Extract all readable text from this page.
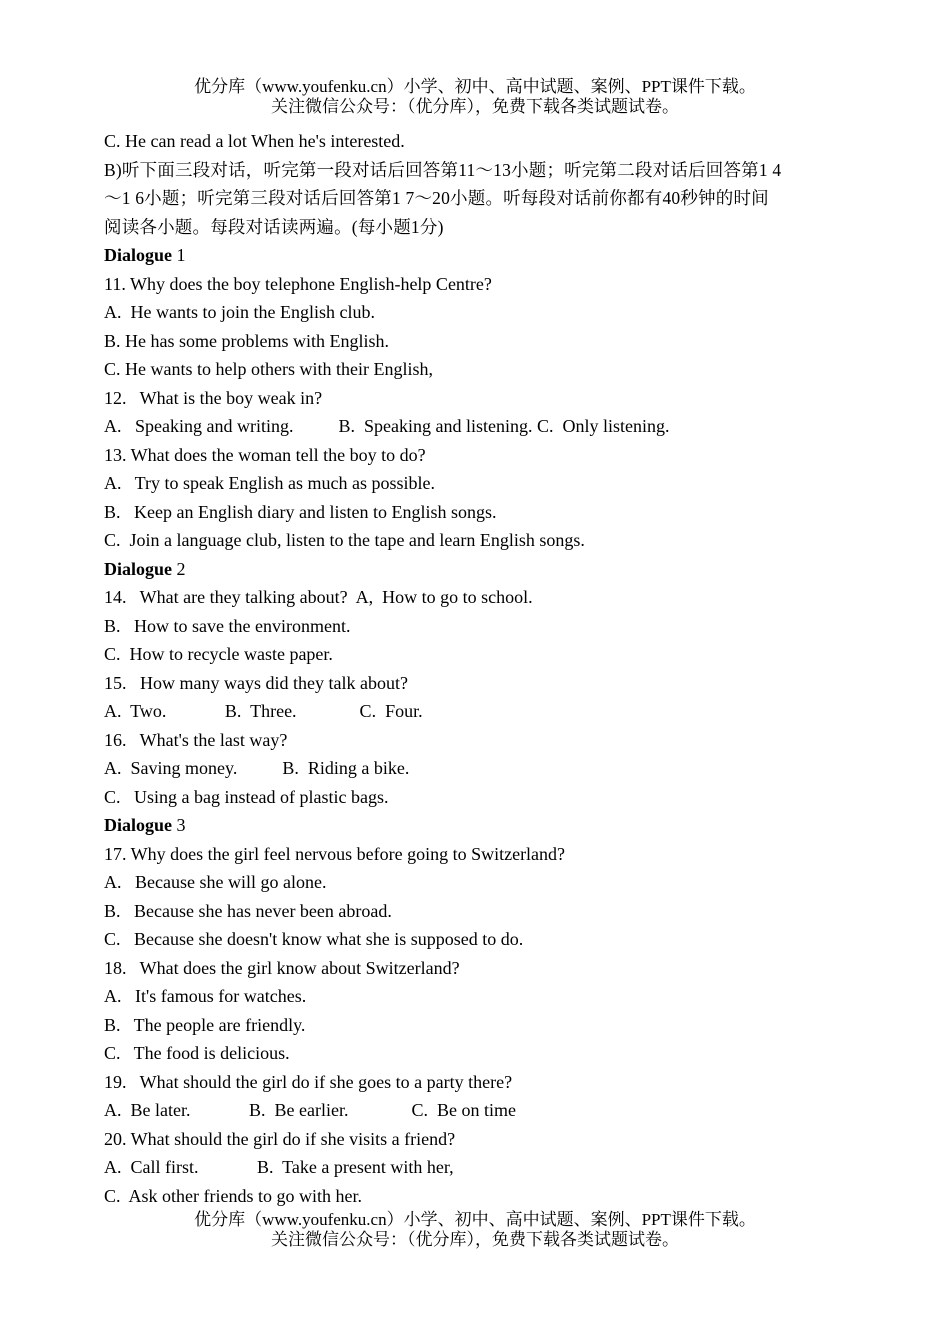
优分库（www.youfenku.cn）小学、初中、高中试题、案例、PPT课件下载。
关注微信公众号：（优分库），免费下载各类试题试卷。
C. He can read a lot When he's interested.
B)听下面三段对话，听完第一段对话后回答第11～13小题；听完第二段对话后回答第1 4
～1 6小题；听完第三段对话后回答第1 7～20小题。听每段对话前你都有40秒钟的时间
阅读各小题。每段对话读两遍。(每小题1分)
Dialogue 1
11. Why does the boy telephone English-help Centre?
A.  He wants to join the English club.
B. He has some problems with English.
C. He wants to help others with their English,
12.   What is the boy weak in?
A.   Speaking and writing.          B.  Speaking and listening. C.  Only listening.
13. What does the woman tell the boy to do?
A.   Try to speak English as much as possible.
B.   Keep an English diary and listen to English songs.
C.  Join a language club, listen to the tape and learn English songs.
Dialogue 2
14.   What are they talking about?  A,  How to go to school.
B.   How to save the environment.
C.  How to recycle waste paper.
15.   How many ways did they talk about?
A.  Two.             B.  Three.              C.  Four.
16.   What's the last way?
A.  Saving money.          B.  Riding a bike.
C.   Using a bag instead of plastic bags.
Dialogue 3
17. Why does the girl feel nervous before going to Switzerland?
A.   Because she will go alone.
B.   Because she has never been abroad.
C.   Because she doesn't know what she is supposed to do.
18.   What does the girl know about Switzerland?
A.   It's famous for watches.
B.   The people are friendly.
C.   The food is delicious.
19.   What should the girl do if she goes to a party there?
A.  Be later.             B.  Be earlier.              C.  Be on time
20. What should the girl do if she visits a friend?
A.  Call first.             B.  Take a present with her,
C.  Ask other friends to go with her.
优分库（www.youfenku.cn）小学、初中、高中试题、案例、PPT课件下载。
关注微信公众号：（优分库），免费下载各类试题试卷。
